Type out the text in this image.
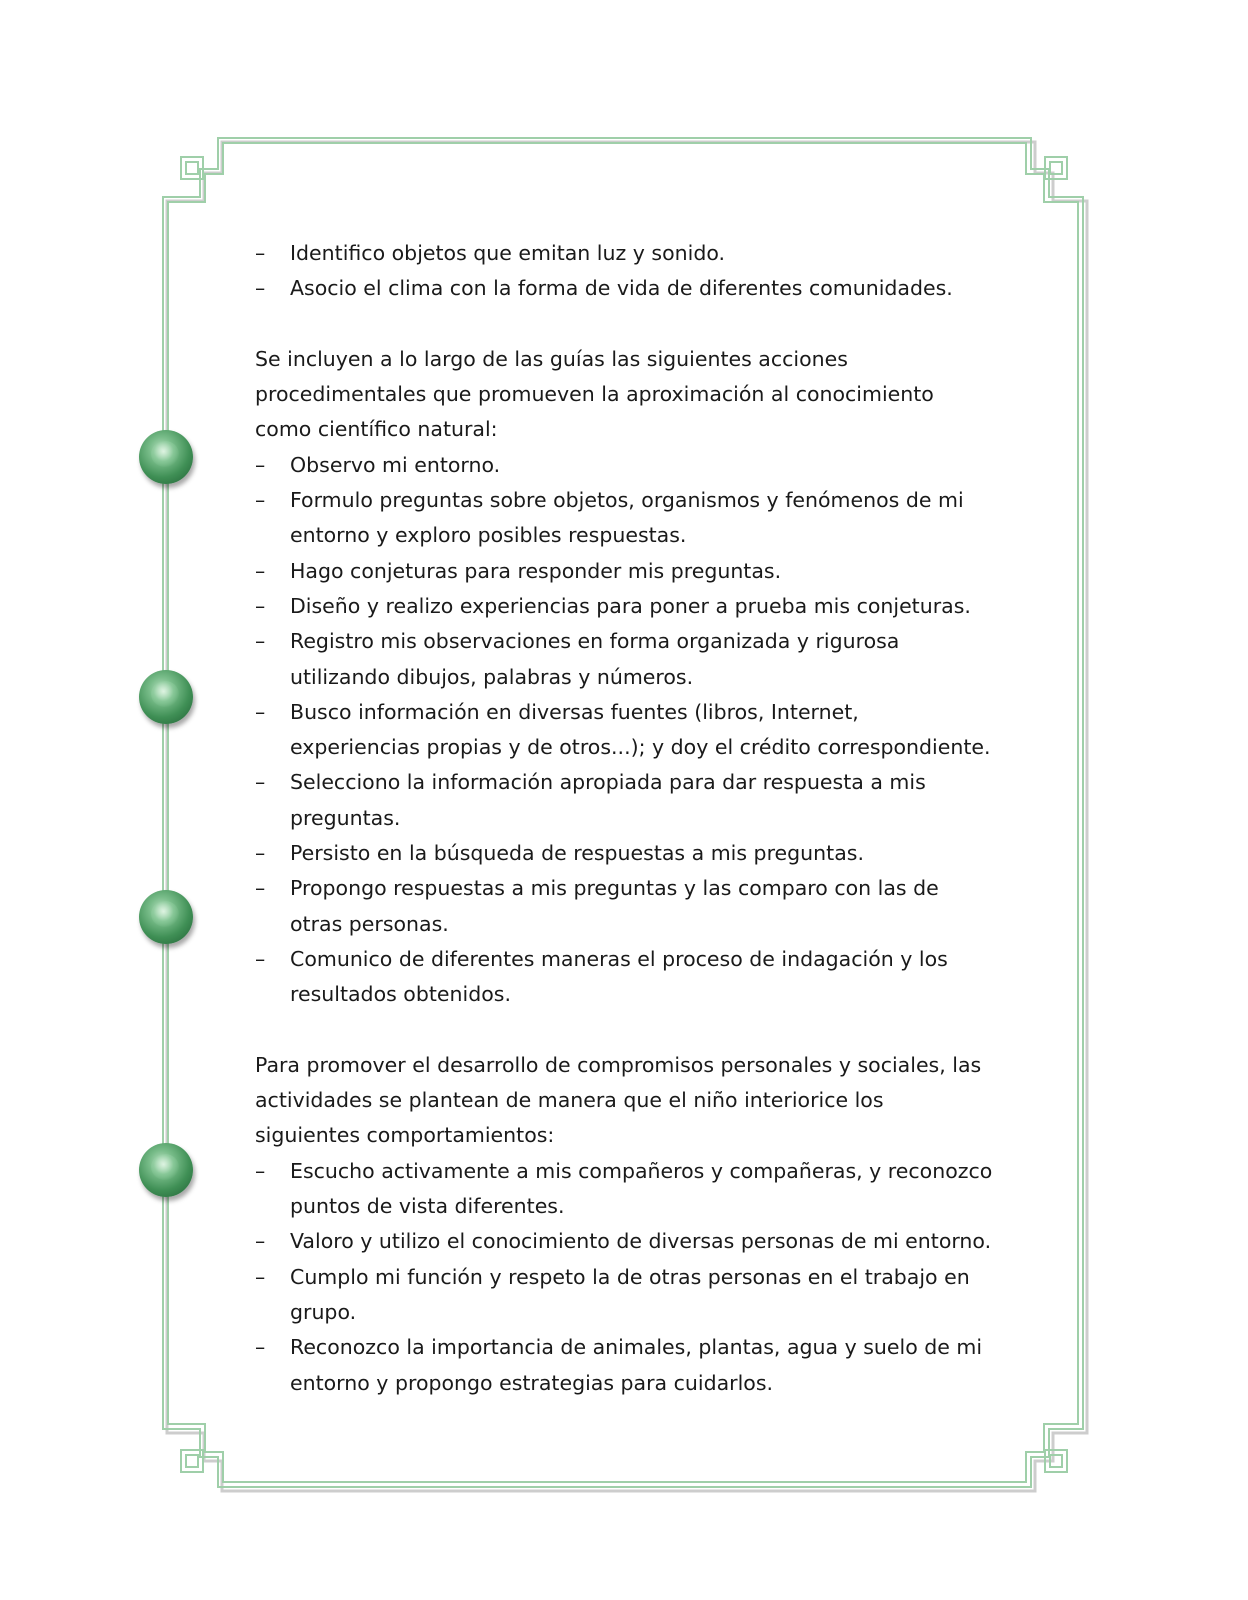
–	Identifico objetos que emitan luz y sonido.
–	Asocio el clima con la forma de vida de diferentes comunidades.
Se incluyen a lo largo de las guías las siguientes acciones procedimentales que promueven la aproximación al conocimiento como científico natural:
–	Observo mi entorno.
–	Formulo preguntas sobre objetos, organismos y fenómenos de mi entorno y exploro posibles respuestas.
–	Hago conjeturas para responder mis preguntas.
–	Diseño y realizo experiencias para poner a prueba mis conjeturas.
–	Registro mis observaciones en forma organizada y rigurosa utilizando dibujos, palabras y números.
–	Busco información en diversas fuentes (libros, Internet, experiencias propias y de otros...); y doy el crédito correspondiente.
–	Selecciono la información apropiada para dar respuesta a mis preguntas.
–	Persisto en la búsqueda de respuestas a mis preguntas.
–	Propongo respuestas a mis preguntas y las comparo con las de otras personas.
–	Comunico de diferentes maneras el proceso de indagación y los resultados obtenidos.
Para promover el desarrollo de compromisos personales y sociales, las actividades se plantean de manera que el niño interiorice los siguientes comportamientos:
–	Escucho activamente a mis compañeros y compañeras, y reconozco puntos de vista diferentes.
–	Valoro y utilizo el conocimiento de diversas personas de mi entorno.
–	Cumplo mi función y respeto la de otras personas en el trabajo en grupo.
–	Reconozco la importancia de animales, plantas, agua y suelo de mi entorno y propongo estrategias para cuidarlos.
